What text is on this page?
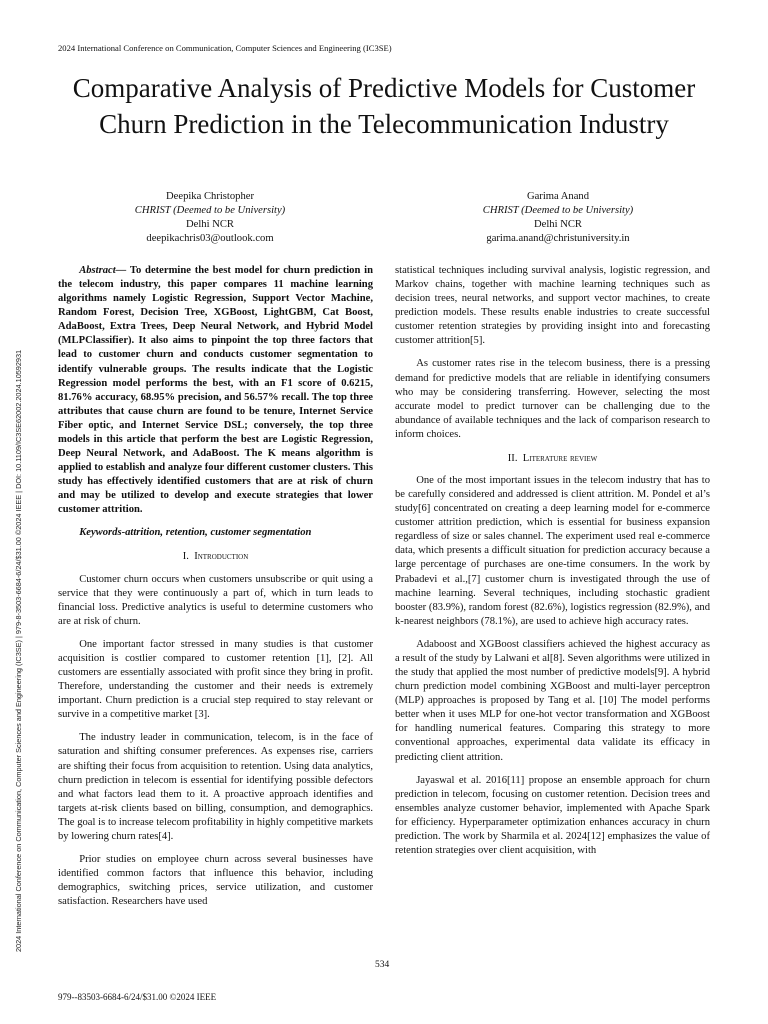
2024 International Conference on Communication, Computer Sciences and Engineering (IC3SE)
Comparative Analysis of Predictive Models for Customer Churn Prediction in the Telecommunication Industry
Deepika Christopher
CHRIST (Deemed to be University)
Delhi NCR
deepikachris03@outlook.com
Garima Anand
CHRIST (Deemed to be University)
Delhi NCR
garima.anand@christuniversity.in
2024 International Conference on Communication, Computer Sciences and Engineering (IC3SE) | 979-8-3503-6684-6/24/$31.00 ©2024 IEEE | DOI: 10.1109/IC3SE62002.2024.10592931

Abstract— To determine the best model for churn prediction in the telecom industry, this paper compares 11 machine learning algorithms namely Logistic Regression, Support Vector Machine, Random Forest, Decision Tree, XGBoost, LightGBM, Cat Boost, AdaBoost, Extra Trees, Deep Neural Network, and Hybrid Model (MLPClassifier). It also aims to pinpoint the top three factors that lead to customer churn and conducts customer segmentation to identify vulnerable groups. The results indicate that the Logistic Regression model performs the best, with an F1 score of 0.6215, 81.76% accuracy, 68.95% precision, and 56.57% recall. The top three attributes that cause churn are found to be tenure, Internet Service Fiber optic, and Internet Service DSL; conversely, the top three models in this article that perform the best are Logistic Regression, Deep Neural Network, and AdaBoost. The K means algorithm is applied to establish and analyze four different customer clusters. This study has effectively identified customers that are at risk of churn and may be utilized to develop and execute strategies that lower customer attrition.

Keywords-attrition, retention, customer segmentation

I. Introduction

Customer churn occurs when customers unsubscribe or quit using a service that they were continuously a part of, which in turn leads to financial loss. Predictive analytics is useful to determine customers who are at risk of churn.

One important factor stressed in many studies is that customer acquisition is costlier compared to customer retention [1], [2]. All customers are essentially associated with profit since they bring in profit. Therefore, understanding the customer and their needs is extremely important. Churn prediction is a crucial step required to stay relevant or survive in a competitive market [3].

The industry leader in communication, telecom, is in the face of saturation and shifting consumer preferences. As expenses rise, carriers are shifting their focus from acquisition to retention. Using data analytics, churn prediction in telecom is essential for identifying possible defectors and what factors lead them to it. A proactive approach identifies and targets at-risk clients based on billing, consumption, and demographics. The goal is to increase telecom profitability in highly competitive markets by lowering churn rates[4].

Prior studies on employee churn across several businesses have identified common factors that influence this behavior, including demographics, switching prices, service utilization, and customer satisfaction. Researchers have used

statistical techniques including survival analysis, logistic regression, and Markov chains, together with machine learning techniques such as decision trees, neural networks, and support vector machines, to create prediction models. These results enable industries to create successful customer retention strategies by providing insight into and forecasting customer attrition[5].

As customer rates rise in the telecom business, there is a pressing demand for predictive models that are reliable in identifying consumers who may be considering transferring. However, selecting the most accurate model to predict turnover can be challenging due to the abundance of available techniques and the lack of comparison research to inform choices.

II. Literature review

One of the most important issues in the telecom industry that has to be carefully considered and addressed is client attrition. M. Pondel et al’s study[6] concentrated on creating a deep learning model for e-commerce customer attrition prediction, which is essential for business expansion regardless of size or sales channel. The experiment used real e-commerce data, which presents a difficult situation for prediction accuracy because a large percentage of purchases are one-time consumers. In the work by Prabadevi et al.,[7] customer churn is investigated through the use of machine learning. Several techniques, including stochastic gradient booster (83.9%), random forest (82.6%), logistics regression (82.9%), and k-nearest neighbors (78.1%), are used to achieve high accuracy rates.

Adaboost and XGBoost classifiers achieved the highest accuracy as a result of the study by Lalwani et al[8]. Seven algorithms were utilized in the study that applied the most number of predictive models[9]. A hybrid churn prediction model combining XGBoost and multi-layer perceptron (MLP) approaches is proposed by Tang et al. [10] The model performs better when it uses MLP for one-hot vector transformation and XGBoost for handling numerical features. Comparing this strategy to more conventional approaches, experimental data validate its efficacy in predicting client attrition.

Jayaswal et al. 2016[11] propose an ensemble approach for churn prediction in telecom, focusing on customer retention. Decision trees and ensembles analyze customer behavior, implemented with Apache Spark for efficiency. Hyperparameter optimization enhances accuracy in churn prediction. The work by Sharmila et al. 2024[12] emphasizes the value of retention strategies over client acquisition, with

534
979--83503-6684-6/24/$31.00 ©2024 IEEE
